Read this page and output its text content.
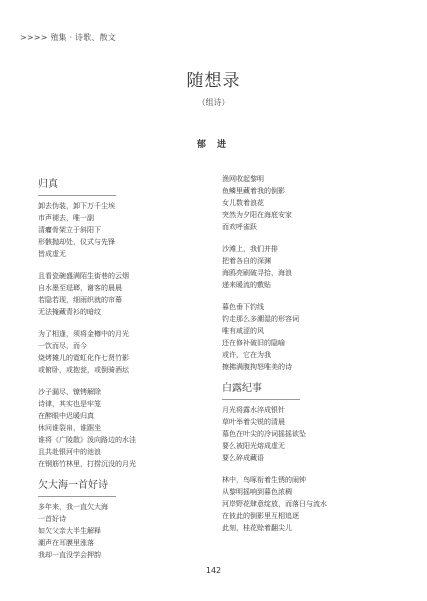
>>>> 殖集 · 诗歌、散文
随想录
（组诗）
郁 进
归真
卸去伪装，卸下万千尘埃
市声褪去，唯一副
清癯骨架立于斜阳下
形骸抛却处，仪式与先锋
皆成虚无
且看瓷碗盛满陌生街巷的云烟
自水墨至琺瑯，谢客的晨晨
若隐若现，细雨织就的帘幕
无法掩藏青衫的暗纹
为了相逢，须将金樽中的月光
一饮而尽，而今
烧烤摊儿的霓虹化作七贤竹影
或俯卧，或抱瓮，或倒骑酒坛
沙子漏尽，镣铐解除
诗律，其实也是牢笼
在醉眼中迟暖归真
休问谁裂帛，谁踞坐
谁将《广陵散》泼向路边的水洼
且共赴银河中的池浪
在钢筋竹林里，打捞沉没的月光
欠大海一首好诗
多年来，我一直欠大海
一首好诗
如欠父亲大半生解释
潮声在耳膜里涨落
我却一直没学会押韵
渔网收起黎明
鱼鳞里藏着我的倒影
女儿数着浪花
突然为夕阳在海底安家
而欢呼雀跃
沙滩上，我们并排
把着各自的深渊
海鸥亮刷破寻拾，海浪
递来暖流的敷贴
暮色垂下钓线
钓走那么多潮湿的形容词
唯有咸涩的风
还在修补破旧的隐喻
或许，它在为我
擦拂满腹拘怒唯美的诗
白露纪事
月光将露水淬成银针
草叶举着尖锐的清晨
慕色在叶尖的冷词摇摇欲坠
要么被阳光熔成虚无
要么碎成藏语
林中，鸟啄衔着生锈的闹钟
从黎明摇响到暮色浓稠
河岸野花肆意绽放，而落日与流水
在彼此的倒影里互相追逐
此刻，桂花赊着翻尖儿
142
